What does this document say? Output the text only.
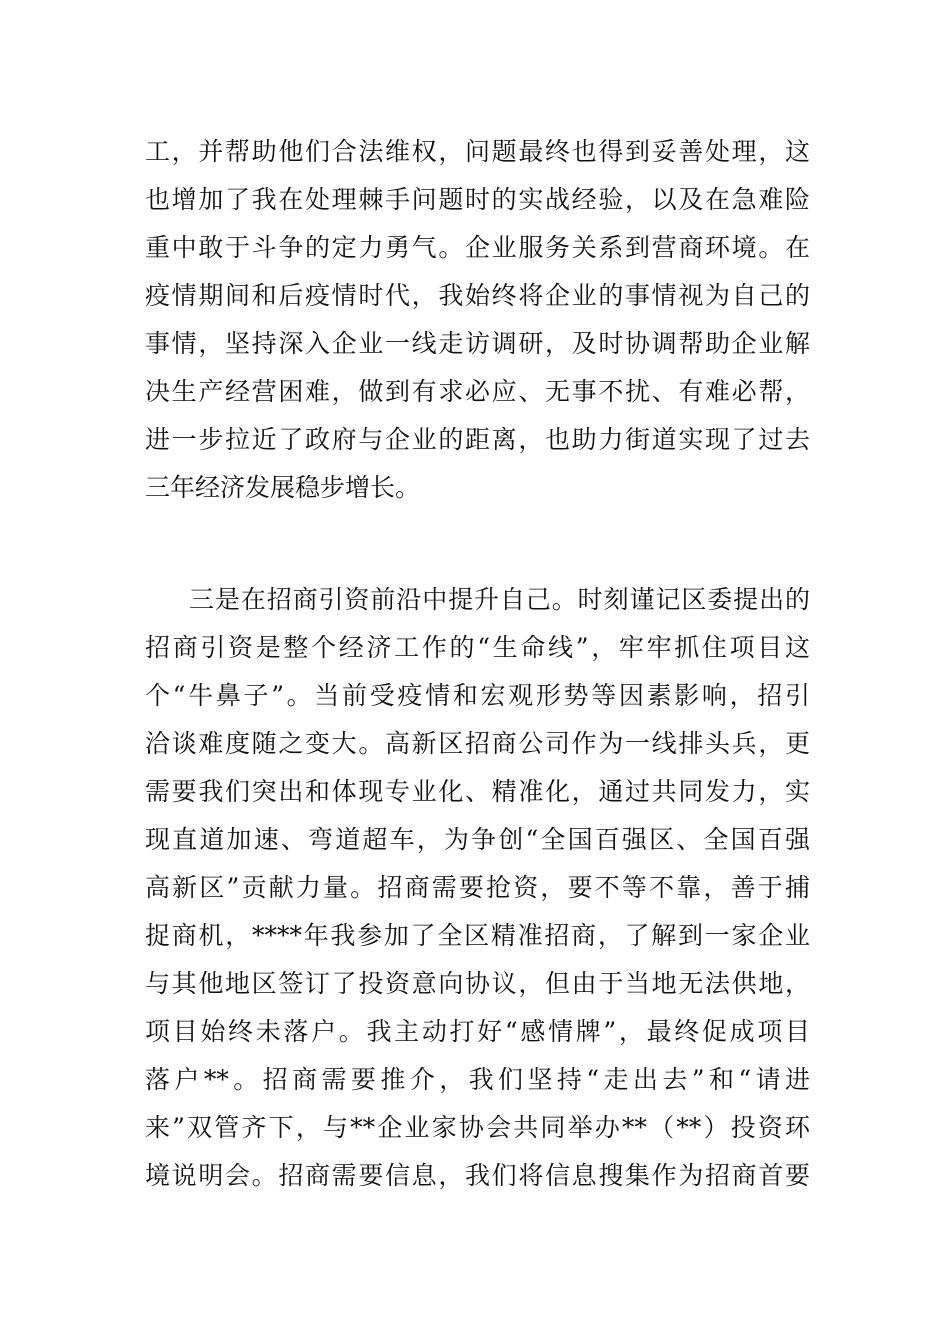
工，并帮助他们合法维权，问题最终也得到妥善处理，这
也增加了我在处理棘手问题时的实战经验，以及在急难险
重中敢于斗争的定力勇气。企业服务关系到营商环境。在
疫情期间和后疫情时代，我始终将企业的事情视为自己的
事情，坚持深入企业一线走访调研，及时协调帮助企业解
决生产经营困难，做到有求必应、无事不扰、有难必帮，
进一步拉近了政府与企业的距离，也助力街道实现了过去
三年经济发展稳步增长。
三是在招商引资前沿中提升自己。时刻谨记区委提出的
招商引资是整个经济工作的“生命线”，牢牢抓住项目这
个“牛鼻子”。当前受疫情和宏观形势等因素影响，招引
洽谈难度随之变大。高新区招商公司作为一线排头兵，更
需要我们突出和体现专业化、精准化，通过共同发力，实
现直道加速、弯道超车，为争创“全国百强区、全国百强
高新区”贡献力量。招商需要抢资，要不等不靠，善于捕
捉商机，****年我参加了全区精准招商，了解到一家企业
与其他地区签订了投资意向协议，但由于当地无法供地，
项目始终未落户。我主动打好“感情牌”，最终促成项目
落户**。招商需要推介，我们坚持“走出去”和“请进
来”双管齐下，与**企业家协会共同举办**（**）投资环
境说明会。招商需要信息，我们将信息搜集作为招商首要
